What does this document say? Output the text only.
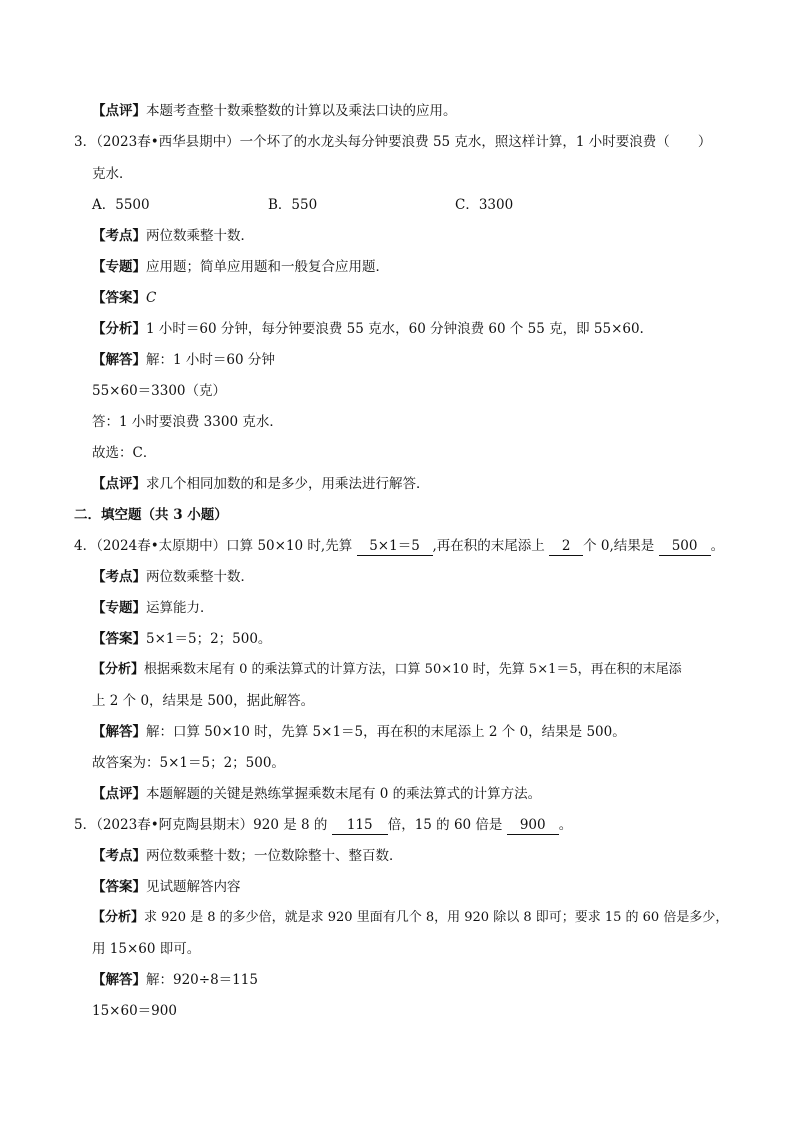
【点评】本题考查整十数乘整数的计算以及乘法口诀的应用。
3．（2023春•西华县期中）一个坏了的水龙头每分钟要浪费 55 克水，照这样计算，1 小时要浪费（ ）
克水．
A．5500	B．550	C．3300
【考点】两位数乘整十数．
【专题】应用题；简单应用题和一般复合应用题．
【答案】C
【分析】1 小时＝60 分钟，每分钟要浪费 55 克水，60 分钟浪费 60 个 55 克，即 55×60.
【解答】解：1 小时＝60 分钟
55×60＝3300（克）
答：1 小时要浪费 3300 克水．
故选：C．
【点评】求几个相同加数的和是多少，用乘法进行解答．
二．填空题（共 3 小题）
4．（2024春•太原期中）口算 50×10 时,先算 5×1＝5 ,再在积的末尾添上 2 个 0,结果是 500 。
【考点】两位数乘整十数．
【专题】运算能力．
【答案】5×1＝5；2；500。
【分析】根据乘数末尾有 0 的乘法算式的计算方法，口算 50×10 时，先算 5×1＝5，再在积的末尾添
上 2 个 0，结果是 500，据此解答。
【解答】解：口算 50×10 时，先算 5×1＝5，再在积的末尾添上 2 个 0，结果是 500。
故答案为：5×1＝5；2；500。
【点评】本题解题的关键是熟练掌握乘数末尾有 0 的乘法算式的计算方法。
5．（2023春•阿克陶县期末）920 是 8 的 115 倍，15 的 60 倍是 900 。
【考点】两位数乘整十数；一位数除整十、整百数．
【答案】见试题解答内容
【分析】求 920 是 8 的多少倍，就是求 920 里面有几个 8，用 920 除以 8 即可；要求 15 的 60 倍是多少，
用 15×60 即可。
【解答】解：920÷8＝115
15×60＝900
